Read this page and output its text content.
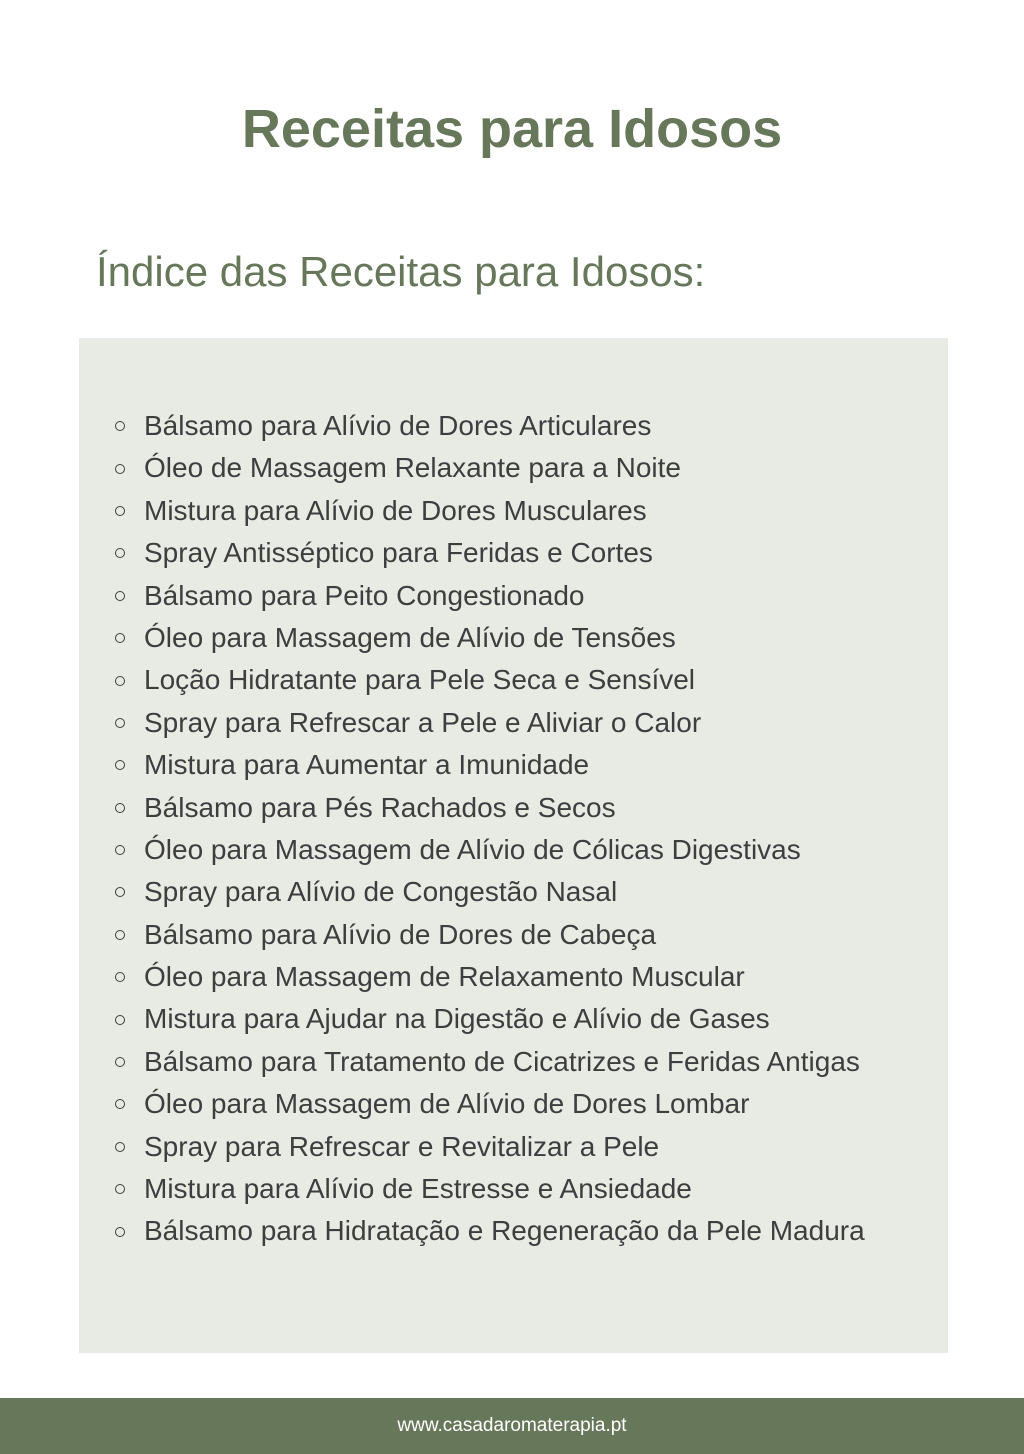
Receitas para Idosos
Índice das Receitas para Idosos:
Bálsamo para Alívio de Dores Articulares
Óleo de Massagem Relaxante para a Noite
Mistura para Alívio de Dores Musculares
Spray Antisséptico para Feridas e Cortes
Bálsamo para Peito Congestionado
Óleo para Massagem de Alívio de Tensões
Loção Hidratante para Pele Seca e Sensível
Spray para Refrescar a Pele e Aliviar o Calor
Mistura para Aumentar a Imunidade
Bálsamo para Pés Rachados e Secos
Óleo para Massagem de Alívio de Cólicas Digestivas
Spray para Alívio de Congestão Nasal
Bálsamo para Alívio de Dores de Cabeça
Óleo para Massagem de Relaxamento Muscular
Mistura para Ajudar na Digestão e Alívio de Gases
Bálsamo para Tratamento de Cicatrizes e Feridas Antigas
Óleo para Massagem de Alívio de Dores Lombar
Spray para Refrescar e Revitalizar a Pele
Mistura para Alívio de Estresse e Ansiedade
Bálsamo para Hidratação e Regeneração da Pele Madura
www.casadaromaterapia.pt
